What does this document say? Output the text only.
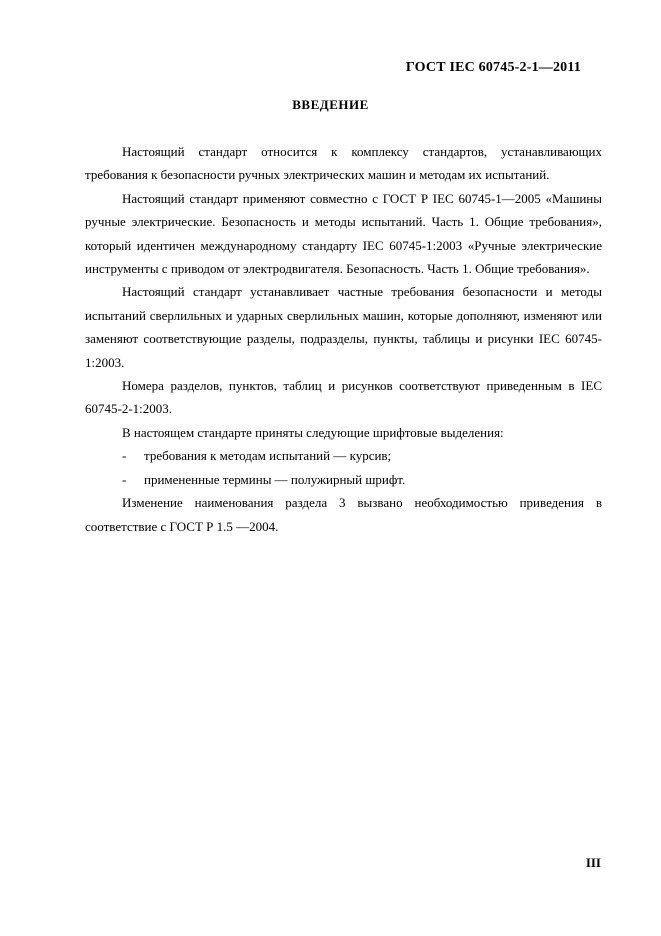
ГОСТ IEC 60745-2-1—2011
ВВЕДЕНИЕ

Настоящий стандарт относится к комплексу стандартов, устанавливающих требования к безопасности ручных электрических машин и методам их испытаний.

Настоящий стандарт применяют совместно с ГОСТ Р IEC 60745-1—2005 «Машины ручные электрические. Безопасность и методы испытаний. Часть 1. Общие требования», который идентичен международному стандарту IEC 60745-1:2003 «Ручные электрические инструменты с приводом от электродвигателя. Безопасность. Часть 1. Общие требования».

Настоящий стандарт устанавливает частные требования безопасности и методы испытаний сверлильных и ударных сверлильных машин, которые дополняют, изменяют или заменяют соответствующие разделы, подразделы, пункты, таблицы и рисунки IEC 60745-1:2003.

Номера разделов, пунктов, таблиц и рисунков соответствуют приведенным в IEC 60745-2-1:2003.

В настоящем стандарте приняты следующие шрифтовые выделения:

-	требования к методам испытаний — курсив;
-	примененные термины — полужирный шрифт.

Изменение наименования раздела 3 вызвано необходимостью приведения в соответствие с ГОСТ Р 1.5 —2004.

III
